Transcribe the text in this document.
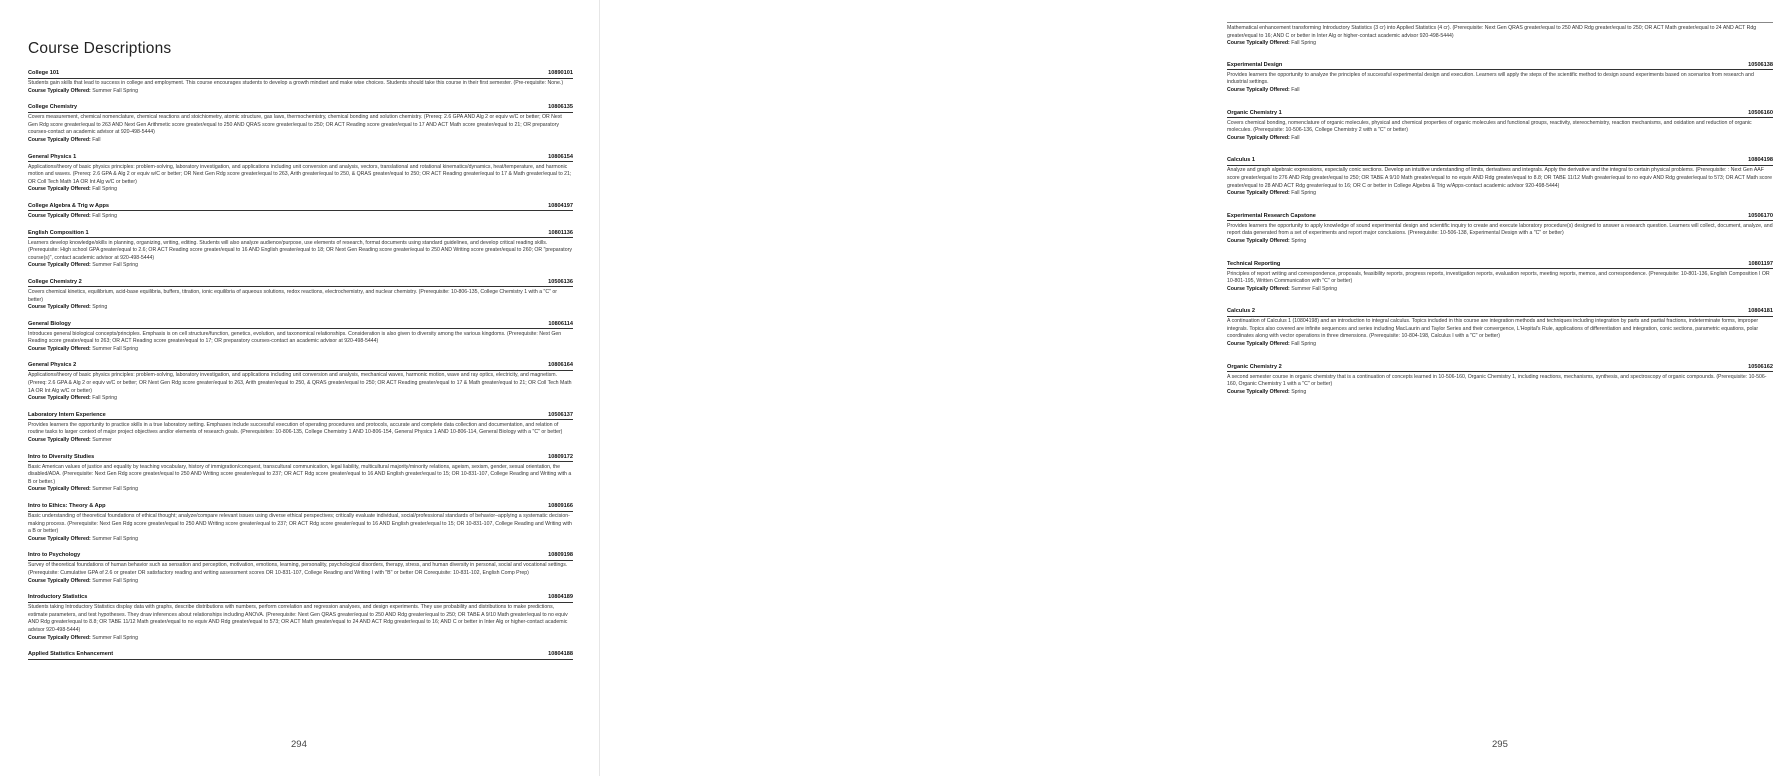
Course Descriptions
College 101	10890101
Students gain skills that lead to success in college and employment. This course encourages students to develop a growth mindset and make wise choices. Students should take this course in their first semester. (Pre-requisite: None.)
Course Typically Offered: Summer Fall Spring
College Chemistry	10806135
Covers measurement, chemical nomenclature, chemical reactions and stoichiometry, atomic structure, gas laws, thermochemistry, chemical bonding and solution chemistry. (Prereq: 2.6 GPA AND Alg 2 or equiv w/C or better; OR Next Gen Rdg score greater/equal to 263 AND Next Gen Arithmetic score greater/equal to 250 AND QRAS score greater/equal to 250; OR ACT Reading score greater/equal to 17 AND ACT Math score greater/equal to 21; OR preparatory courses-contact an academic advisor at 920-498-5444)
Course Typically Offered: Fall
General Physics 1	10806154
Applications/theory of basic physics principles: problem-solving, laboratory investigation, and applications including unit conversion and analysis, vectors, translational and rotational kinematics/dynamics, heat/temperature, and harmonic motion and waves. (Prereq: 2.6 GPA & Alg 2 or equiv w/C or better; OR Next Gen Rdg score greater/equal to 263, Arith greater/equal to 250, & QRAS greater/equal to 250; OR ACT Reading greater/equal to 17 & Math greater/equal to 21; OR Coll Tech Math 1A OR Int Alg w/C or better)
Course Typically Offered: Fall Spring
College Algebra & Trig w Apps	10804197
Course Typically Offered: Fall Spring
English Composition 1	10801136
Learners develop knowledge/skills in planning, organizing, writing, editing. Students will also analyze audience/purpose, use elements of research, format documents using standard guidelines, and develop critical reading skills. (Prerequisite: High school GPA greater/equal to 2.6; OR ACT Reading score greater/equal to 16 AND English greater/equal to 18; OR Next Gen Reading score greater/equal to 250 AND Writing score greater/equal to 260; OR "preparatory course(s)", contact academic advisor at 920-498-5444)
Course Typically Offered: Summer Fall Spring
College Chemistry 2	10506136
Covers chemical kinetics, equilibrium, acid-base equilibria, buffers, titration, ionic equilibria of aqueous solutions, redox reactions, electrochemistry, and nuclear chemistry. (Prerequisite: 10-806-135, College Chemistry 1 with a "C" or better)
Course Typically Offered: Spring
General Biology	10806114
Introduces general biological concepts/principles. Emphasis is on cell structure/function, genetics, evolution, and taxonomical relationships. Consideration is also given to diversity among the various kingdoms. (Prerequisite: Next Gen Reading score greater/equal to 263; OR ACT Reading score greater/equal to 17; OR preparatory courses-contact an academic advisor at 920-498-5444)
Course Typically Offered: Summer Fall Spring
General Physics 2	10806164
Applications/theory of basic physics principles: problem-solving, laboratory investigation, and applications including unit conversion and analysis, mechanical waves, harmonic motion, wave and ray optics, electricity, and magnetism. (Prereq: 2.6 GPA & Alg 2 or equiv w/C or better; OR Next Gen Rdg score greater/equal to 263, Arith greater/equal to 250, & QRAS greater/equal to 250; OR ACT Reading greater/equal to 17 & Math greater/equal to 21; OR Coll Tech Math 1A OR Int Alg w/C or better)
Course Typically Offered: Fall Spring
Laboratory Intern Experience	10506137
Provides learners the opportunity to practice skills in a true laboratory setting. Emphases include successful execution of operating procedures and protocols, accurate and complete data collection and documentation, and relation of routine tasks to larger context of major project objectives and/or elements of research goals. (Prerequisites: 10-806-135, College Chemistry 1 AND 10-806-154, General Physics 1 AND 10-806-114, General Biology with a "C" or better)
Course Typically Offered: Summer
Intro to Diversity Studies	10809172
Basic American values of justice and equality by teaching vocabulary, history of immigration/conquest, transcultural communication, legal liability, multicultural majority/minority relations, ageism, sexism, gender, sexual orientation, the disabled/ADA. (Prerequisite: Next Gen Rdg score greater/equal to 250 AND Writing score greater/equal to 237; OR ACT Rdg score greater/equal to 16 AND English greater/equal to 15; OR 10-831-107, College Reading and Writing with a B or better.)
Course Typically Offered: Summer Fall Spring
Intro to Ethics: Theory & App	10809166
Basic understanding of theoretical foundations of ethical thought; analyze/compare relevant issues using diverse ethical perspectives; critically evaluate individual, social/professional standards of behavior–applying a systematic decision-making process. (Prerequisite: Next Gen Rdg score greater/equal to 250 AND Writing score greater/equal to 237; OR ACT Rdg score greater/equal to 16 AND English greater/equal to 15; OR 10-831-107, College Reading and Writing with a B or better)
Course Typically Offered: Summer Fall Spring
Intro to Psychology	10809198
Survey of theoretical foundations of human behavior such as sensation and perception, motivation, emotions, learning, personality, psychological disorders, therapy, stress, and human diversity in personal, social and vocational settings. (Prerequisite: Cumulative GPA of 2.6 or greater OR satisfactory reading and writing assessment scores OR 10-831-107, College Reading and Writing I with "B" or better OR Corequisite: 10-831-102, English Comp Prep)
Course Typically Offered: Summer Fall Spring
Introductory Statistics	10804189
Students taking Introductory Statistics display data with graphs, describe distributions with numbers, perform correlation and regression analyses, and design experiments. They use probability and distributions to make predictions, estimate parameters, and test hypotheses. They draw inferences about relationships including ANOVA. (Prerequisite: Next Gen QRAS greater/equal to 250 AND Rdg greater/equal to 250; OR TABE A 9/10 Math greater/equal to no equiv AND Rdg greater/equal to 8.8; OR TABE 11/12 Math greater/equal to no equiv AND Rdg greater/equal to 573; OR ACT Math greater/equal to 24 AND ACT Rdg greater/equal to 16; AND C or better in Inter Alg or higher-contact academic advisor 920-498-5444)
Course Typically Offered: Summer Fall Spring
Applied Statistics Enhancement	10804188
294
Mathematical enhancement transforming Introductory Statistics (3 cr) into Applied Statistics (4 cr). (Prerequisite: Next Gen QRAS greater/equal to 250 AND Rdg greater/equal to 250; OR ACT Math greater/equal to 24 AND ACT Rdg greater/equal to 16; AND C or better in Inter Alg or higher-contact academic advisor 920-498-5444)
Course Typically Offered: Fall Spring
Experimental Design	10506138
Provides learners the opportunity to analyze the principles of successful experimental design and execution. Learners will apply the steps of the scientific method to design sound experiments based on scenarios from research and industrial settings.
Course Typically Offered: Fall
Organic Chemistry 1	10506160
Covers chemical bonding, nomenclature of organic molecules, physical and chemical properties of organic molecules and functional groups, reactivity, stereochemistry, reaction mechanisms, and oxidation and reduction of organic molecules. (Prerequisite: 10-506-136, College Chemistry 2 with a "C" or better)
Course Typically Offered: Fall
Calculus 1	10804198
Analyze and graph algebraic expressions, especially conic sections. Develop an intuitive understanding of limits, derivatives and integrals. Apply the derivative and the integral to certain physical problems. (Prerequisite: : Next Gen AAF score greater/equal to 276 AND Rdg greater/equal to 250; OR TABE A 9/10 Math greater/equal to no equiv AND Rdg greater/equal to 8.8; OR TABE 11/12 Math greater/equal to no equiv AND Rdg greater/equal to 573; OR ACT Math score greater/equal to 28 AND ACT Rdg greater/equal to 16; OR C or better in College Algebra & Trig w/Apps-contact academic advisor 920-498-5444)
Course Typically Offered: Fall Spring
Experimental Research Capstone	10506170
Provides learners the opportunity to apply knowledge of sound experimental design and scientific inquiry to create and execute laboratory procedure(s) designed to answer a research question. Learners will collect, document, analyze, and report data generated from a set of experiments and report major conclusions. (Prerequisite: 10-506-138, Experimental Design with a "C" or better)
Course Typically Offered: Spring
Technical Reporting	10801197
Principles of report writing and correspondence, proposals, feasibility reports, progress reports, investigation reports, evaluation reports, meeting reports, memos, and correspondence. (Prerequisite: 10-801-136, English Composition I OR 10-801-195, Written Communication with "C" or better)
Course Typically Offered: Summer Fall Spring
Calculus 2	10804181
A continuation of Calculus 1 (10804198) and an introduction to integral calculus. Topics included in this course are integration methods and techniques including integration by parts and partial fractions, indeterminate forms, improper integrals. Topics also covered are infinite sequences and series including MacLaurin and Taylor Series and their convergence, L'Hopital's Rule, applications of differentiation and integration, conic sections, parametric equations, polar coordinates along with vector operations in three dimensions. (Prerequisite: 10-804-198, Calculus I with a "C" or better)
Course Typically Offered: Fall Spring
Organic Chemistry 2	10506162
A second semester course in organic chemistry that is a continuation of concepts learned in 10-506-160, Organic Chemistry 1, including reactions, mechanisms, synthesis, and spectroscopy of organic compounds. (Prerequisite: 10-506-160, Organic Chemistry 1 with a "C" or better)
Course Typically Offered: Spring
295
